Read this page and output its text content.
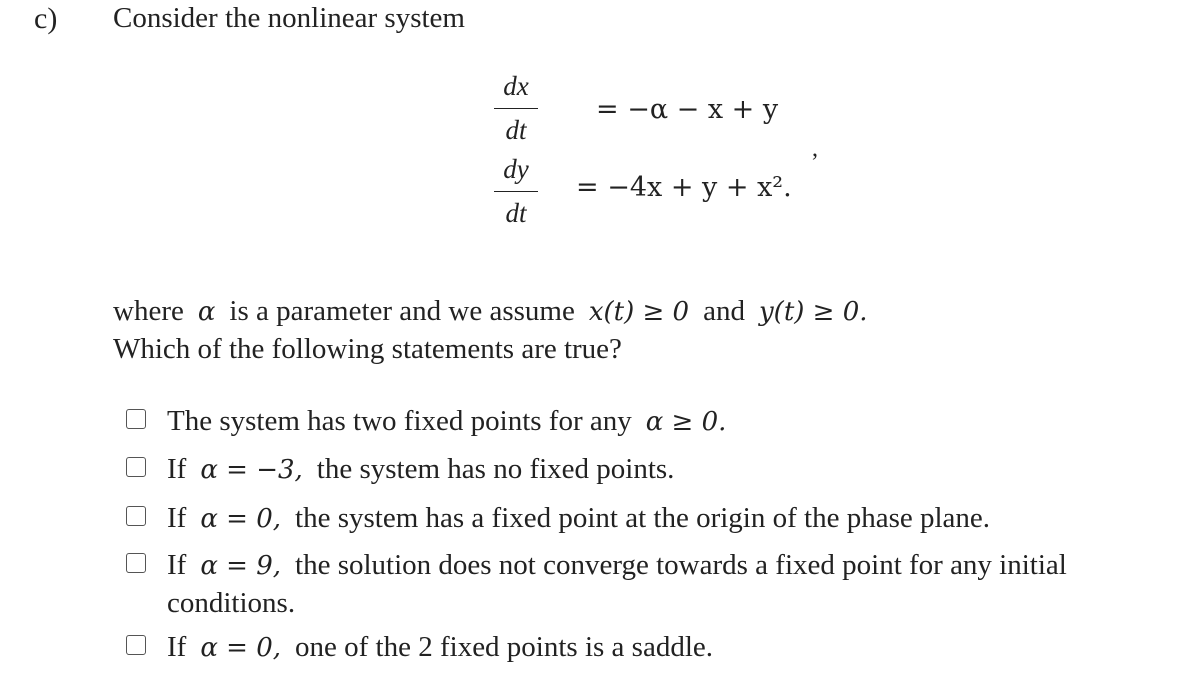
c) Consider the nonlinear system
dx
dt
= −α − x + y
,
dy
dt
= −4x + y + x².
where α is a parameter and we assume x(t) ≥ 0 and y(t) ≥ 0.
Which of the following statements are true?
The system has two fixed points for any α ≥ 0.
If α = −3, the system has no fixed points.
If α = 0, the system has a fixed point at the origin of the phase plane.
If α = 9, the solution does not converge towards a fixed point for any initial
conditions.
If α = 0, one of the 2 fixed points is a saddle.
